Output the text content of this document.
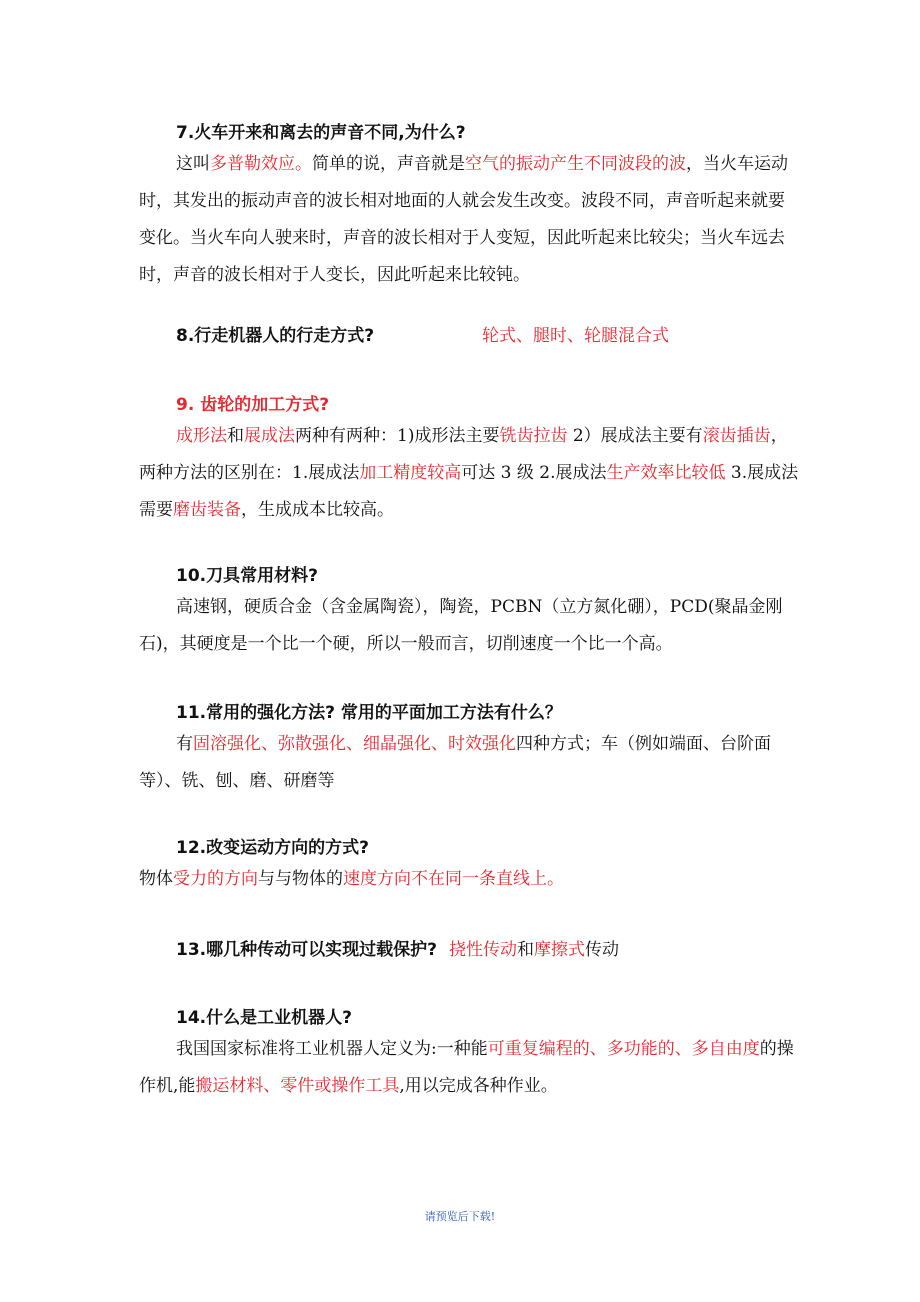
7.火车开来和离去的声音不同,为什么?

这叫多普勒效应。简单的说，声音就是空气的振动产生不同波段的波，当火车运动时，其发出的振动声音的波长相对地面的人就会发生改变。波段不同，声音听起来就要变化。当火车向人驶来时，声音的波长相对于人变短，因此听起来比较尖；当火车远去时，声音的波长相对于人变长，因此听起来比较钝。

8.行走机器人的行走方式?	轮式、腿时、轮腿混合式

9. 齿轮的加工方式?

成形法和展成法两种有两种：1)成形法主要铣齿拉齿 2）展成法主要有滚齿插齿，两种方法的区别在：1.展成法加工精度较高可达 3 级 2.展成法生产效率比较低 3.展成法需要磨齿装备，生成成本比较高。

10.刀具常用材料?

高速钢，硬质合金（含金属陶瓷），陶瓷，PCBN（立方氮化硼），PCD(聚晶金刚石)，其硬度是一个比一个硬，所以一般而言，切削速度一个比一个高。

11.常用的强化方法? 常用的平面加工方法有什么？

有固溶强化、弥散强化、细晶强化、时效强化四种方式；车（例如端面、台阶面等）、铣、刨、磨、研磨等

12.改变运动方向的方式?

物体受力的方向与与物体的速度方向不在同一条直线上。

13.哪几种传动可以实现过载保护? 挠性传动和摩擦式传动

14.什么是工业机器人?

我国国家标准将工业机器人定义为:一种能可重复编程的、多功能的、多自由度的操作机,能搬运材料、零件或操作工具,用以完成各种作业。

请预览后下载!
